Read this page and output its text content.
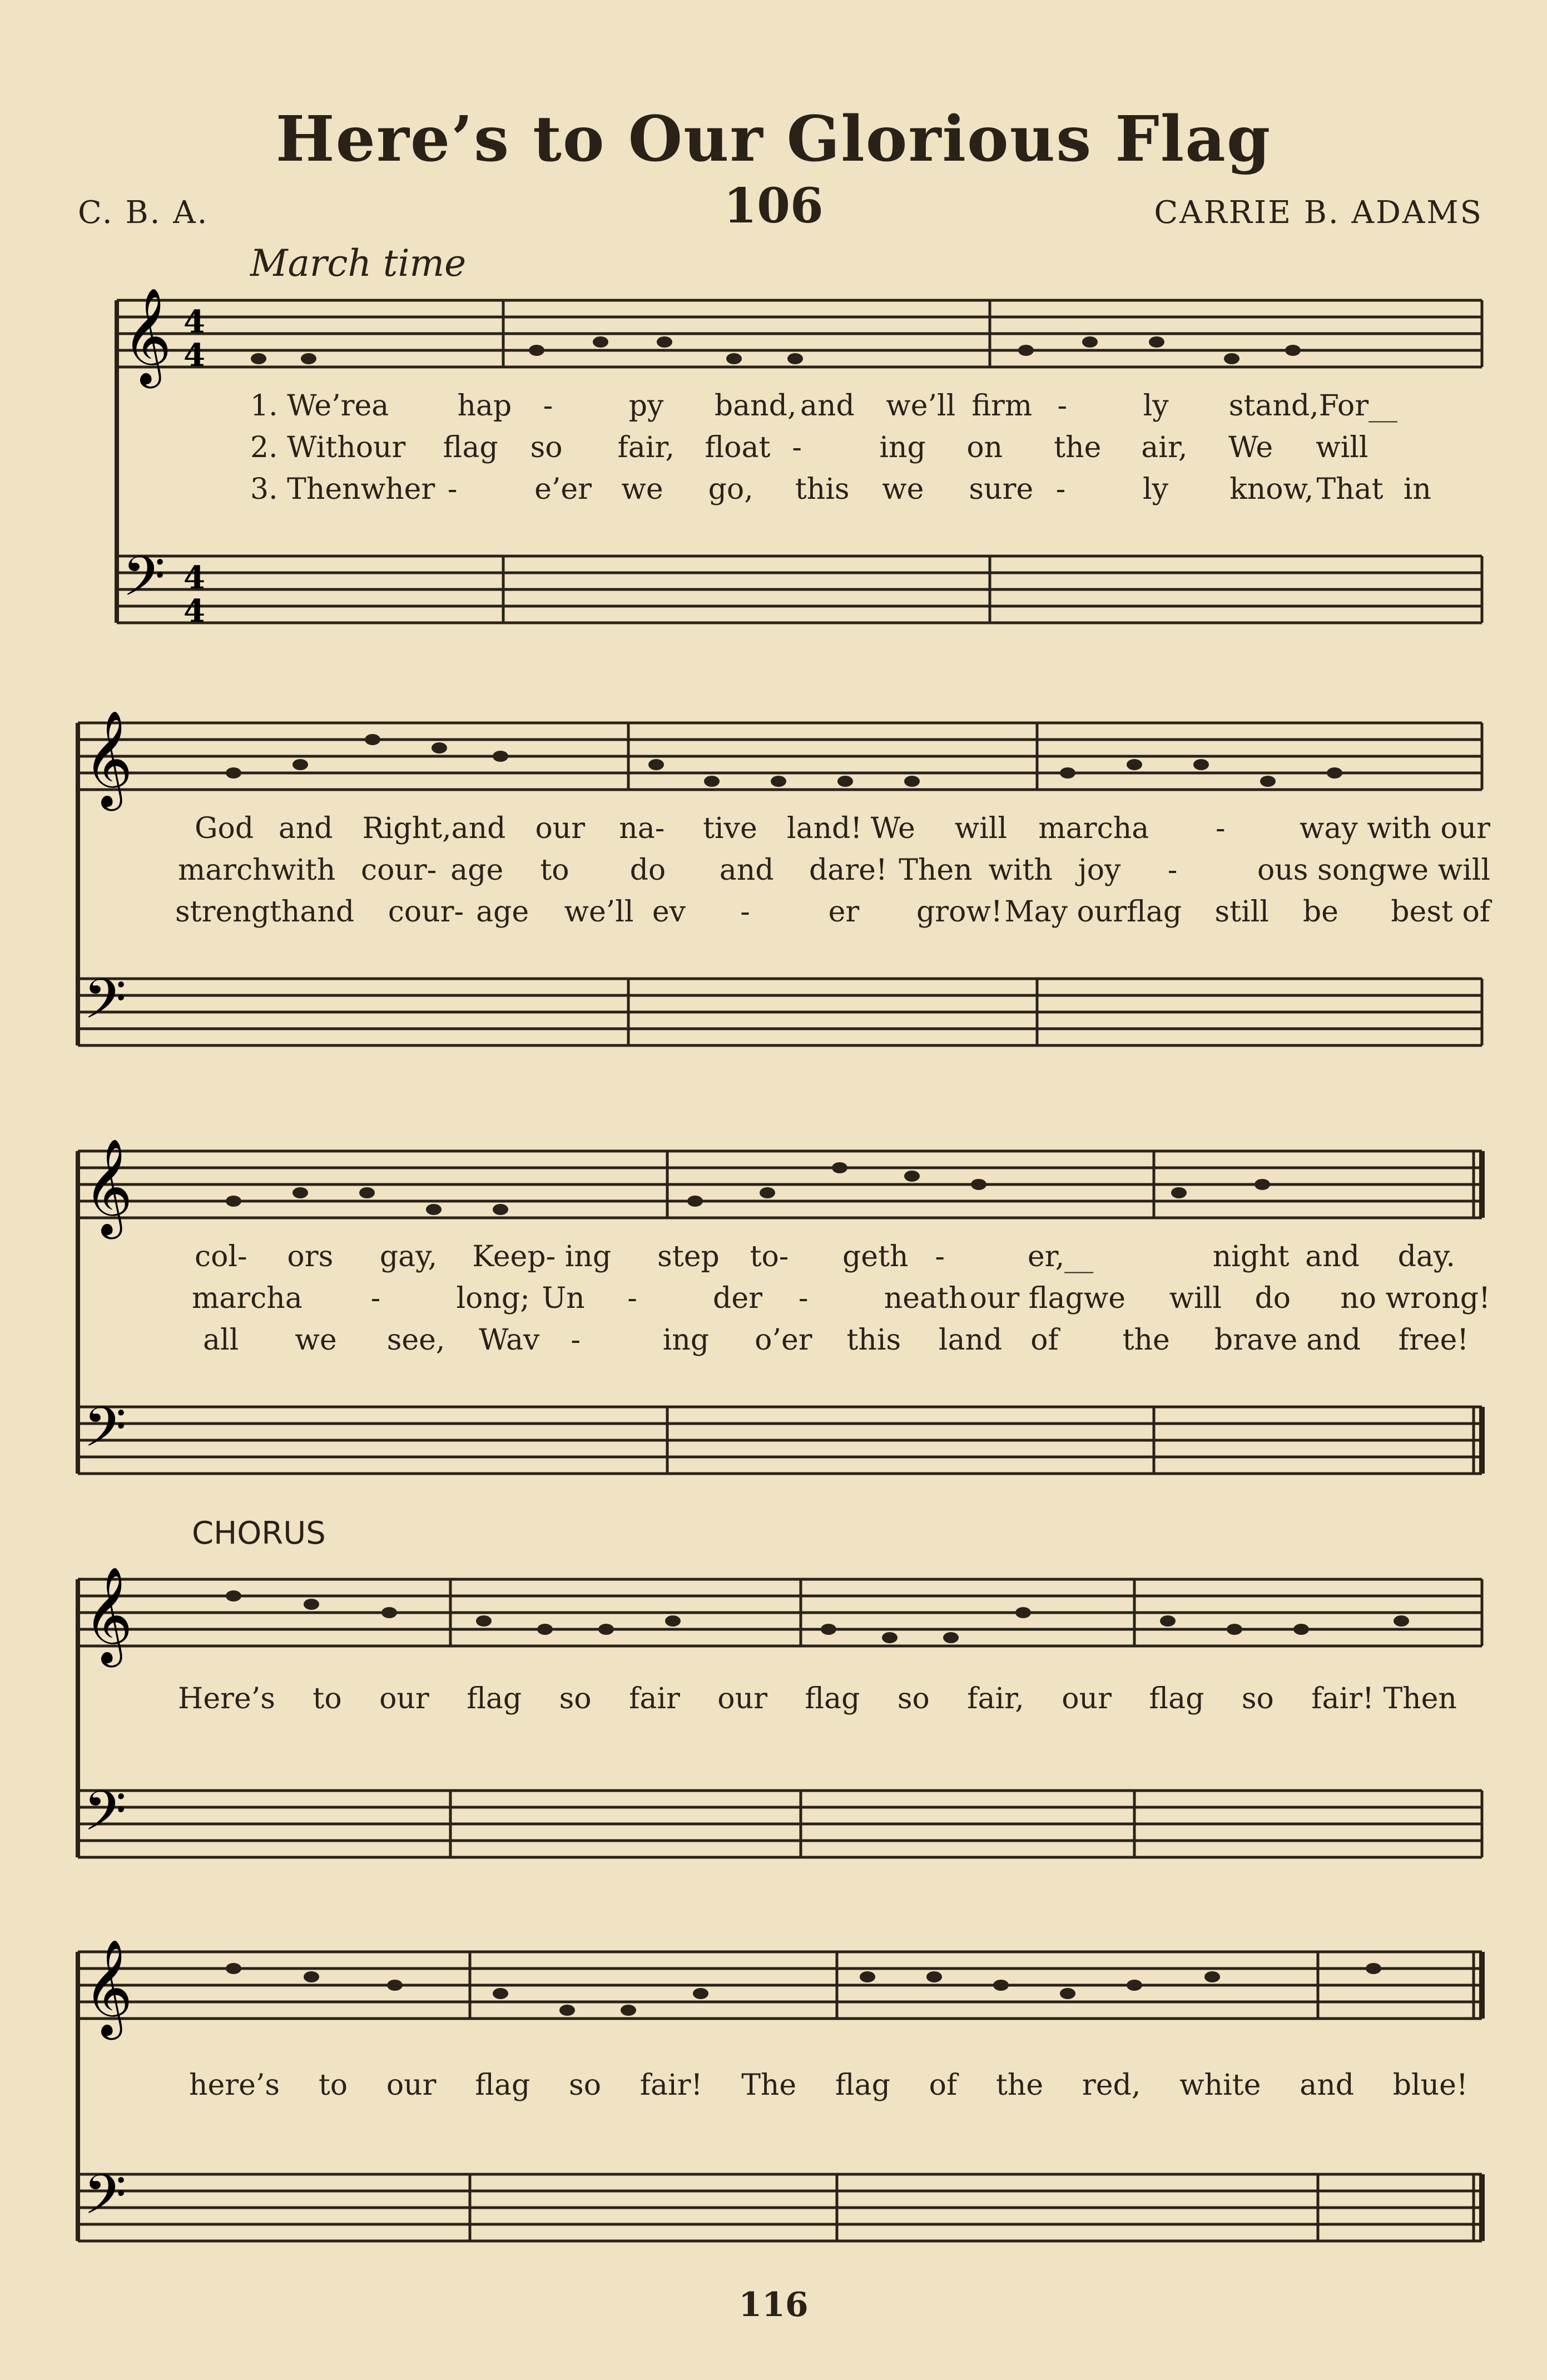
Here’s to Our Glorious Flag
C. B. A.	106	CARRIE B. ADAMS
March time
𝄞
𝄢
4
4
4
4
1. We’re a	hap	-	py	band, and	we’ll firm -	ly	stand, For__
2. With our	flag	so	fair,	float -	ing	on	the	air,	We	will
3. Then wher -	e’er	we	go,	this	we	sure -	ly	know, That in
𝄞
𝄢
God and	Right, and	our	na-	tive	land! We	will	march a	-	way with our
march with cour- age	to	do	and	dare! Then with joy	-	ous song we will
strength and	cour- age	we’ll ev	-	er	grow! May our flag	still	be	best of
𝄞
𝄢
col-	ors	gay,	Keep- ing	step	to-	geth -	er,__	night and	day.
march a	-	long; Un	-	der	-	neath our flag we	will	do	no wrong!
all	we	see,	Wav	-	ing	o’er	this	land of	the	brave and	free!
CHORUS
𝄞
𝄢
Here’s to our flag so fair our flag so fair, our flag so fair! Then
𝄞
𝄢
here’s to our flag so fair! The flag of the red, white and blue!
116
